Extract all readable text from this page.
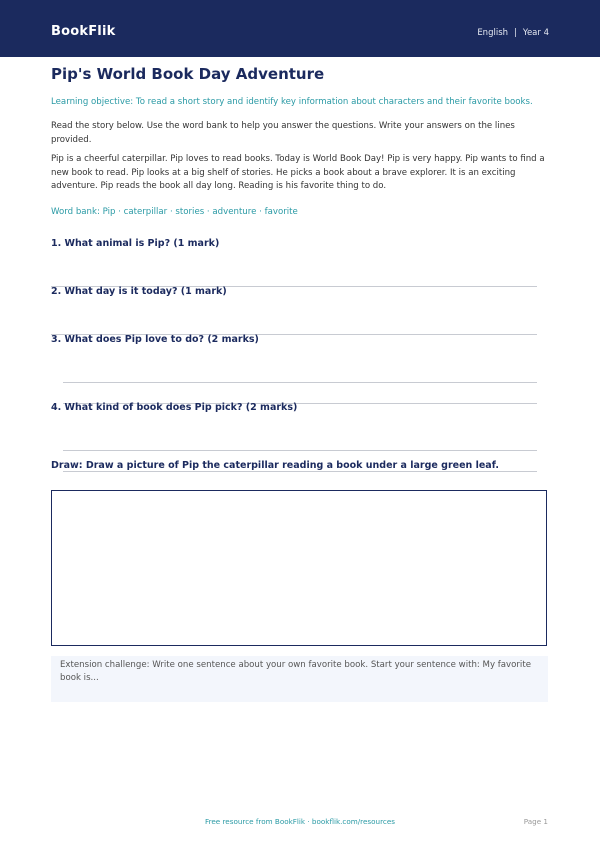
BookFlik	English | Year 4
Pip's World Book Day Adventure
Learning objective: To read a short story and identify key information about characters and their favorite books.
Read the story below. Use the word bank to help you answer the questions. Write your answers on the lines provided.
Pip is a cheerful caterpillar. Pip loves to read books. Today is World Book Day! Pip is very happy. Pip wants to find a new book to read. Pip looks at a big shelf of stories. He picks a book about a brave explorer. It is an exciting adventure. Pip reads the book all day long. Reading is his favorite thing to do.
Word bank: Pip · caterpillar · stories · adventure · favorite
1. What animal is Pip? (1 mark)
2. What day is it today? (1 mark)
3. What does Pip love to do? (2 marks)
4. What kind of book does Pip pick? (2 marks)
Draw: Draw a picture of Pip the caterpillar reading a book under a large green leaf.
Extension challenge: Write one sentence about your own favorite book. Start your sentence with: My favorite book is...
Free resource from BookFlik · bookflik.com/resources	Page 1
